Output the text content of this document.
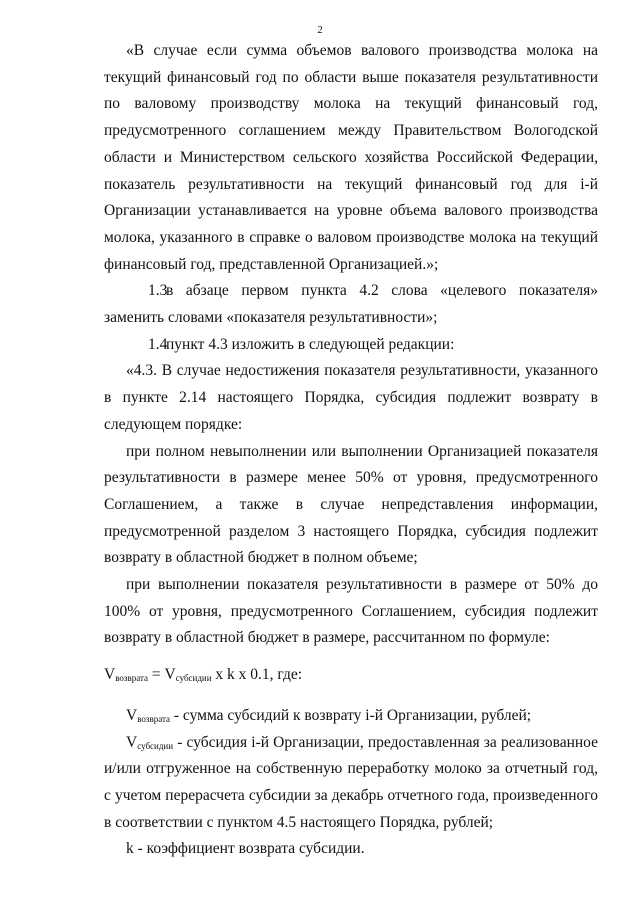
2

«В случае если сумма объемов валового производства молока на текущий финансовый год по области выше показателя результативности по валовому производству молока на текущий финансовый год, предусмотренного соглашением между Правительством Вологодской области и Министерством сельского хозяйства Российской Федерации, показатель результативности на текущий финансовый год для i-й Организации устанавливается на уровне объема валового производства молока, указанного в справке о валовом производстве молока на текущий финансовый год, представленной Организацией.»;

1.3в абзаце первом пункта 4.2 слова «целевого показателя» заменить словами «показателя результативности»;

1.4пункт 4.3 изложить в следующей редакции:

«4.3. В случае недостижения показателя результативности, указанного в пункте 2.14 настоящего Порядка, субсидия подлежит возврату в следующем порядке:

при полном невыполнении или выполнении Организацией показателя результативности в размере менее 50% от уровня, предусмотренного Соглашением, а также в случае непредставления информации, предусмотренной разделом 3 настоящего Порядка, субсидия подлежит возврату в областной бюджет в полном объеме;

при выполнении показателя результативности в размере от 50% до 100% от уровня, предусмотренного Соглашением, субсидия подлежит возврату в областной бюджет в размере, рассчитанном по формуле:

$V_{возврата} = V_{субсидии}$ x k x 0.1, где:

$V_{возврата}$ - сумма субсидий к возврату i-й Организации, рублей;

$V_{субсидии}$ - субсидия i-й Организации, предоставленная за реализованное и/или отгруженное на собственную переработку молоко за отчетный год, с учетом перерасчета субсидии за декабрь отчетного года, произведенного в соответствии с пунктом 4.5 настоящего Порядка, рублей;

k - коэффициент возврата субсидии.
